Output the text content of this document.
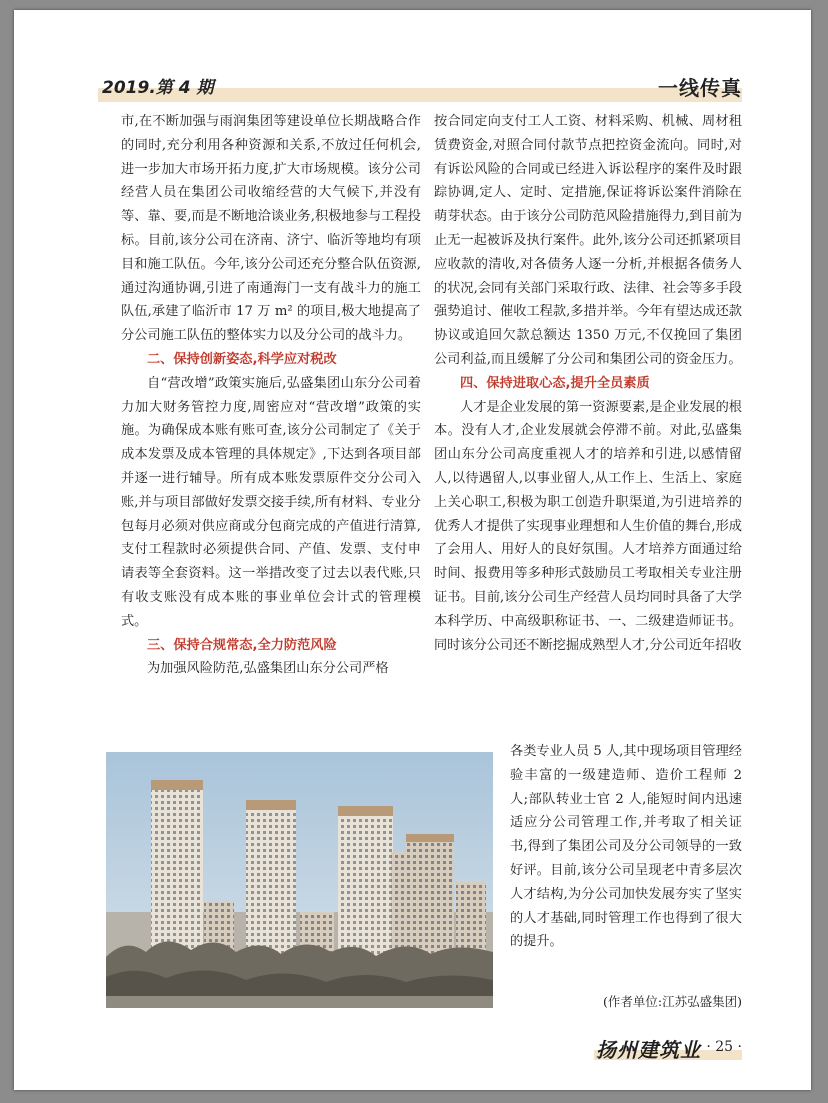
2019.第 4 期	一线传真

市,在不断加强与雨润集团等建设单位长期战略合作的同时,充分利用各种资源和关系,不放过任何机会,进一步加大市场开拓力度,扩大市场规模。该分公司经营人员在集团公司收缩经营的大气候下,并没有等、靠、要,而是不断地洽谈业务,积极地参与工程投标。目前,该分公司在济南、济宁、临沂等地均有项目和施工队伍。今年,该分公司还充分整合队伍资源,通过沟通协调,引进了南通海门一支有战斗力的施工队伍,承建了临沂市 17 万 m² 的项目,极大地提高了分公司施工队伍的整体实力以及分公司的战斗力。

二、保持创新姿态,科学应对税改

自“营改增”政策实施后,弘盛集团山东分公司着力加大财务管控力度,周密应对“营改增”政策的实施。为确保成本账有账可查,该分公司制定了《关于成本发票及成本管理的具体规定》,下达到各项目部并逐一进行辅导。所有成本账发票原件交分公司入账,并与项目部做好发票交接手续,所有材料、专业分包每月必须对供应商或分包商完成的产值进行清算,支付工程款时必须提供合同、产值、发票、支付申请表等全套资料。这一举措改变了过去以表代账,只有收支账没有成本账的事业单位会计式的管理模式。

三、保持合规常态,全力防范风险

为加强风险防范,弘盛集团山东分公司严格

按合同定向支付工人工资、材料采购、机械、周材租赁费资金,对照合同付款节点把控资金流向。同时,对有诉讼风险的合同或已经进入诉讼程序的案件及时跟踪协调,定人、定时、定措施,保证将诉讼案件消除在萌芽状态。由于该分公司防范风险措施得力,到目前为止无一起被诉及执行案件。此外,该分公司还抓紧项目应收款的清收,对各债务人逐一分析,并根据各债务人的状况,会同有关部门采取行政、法律、社会等多手段强势追讨、催收工程款,多措并举。今年有望达成还款协议或追回欠款总额达 1350 万元,不仅挽回了集团公司利益,而且缓解了分公司和集团公司的资金压力。

四、保持进取心态,提升全员素质

人才是企业发展的第一资源要素,是企业发展的根本。没有人才,企业发展就会停滞不前。对此,弘盛集团山东分公司高度重视人才的培养和引进,以感情留人,以待遇留人,以事业留人,从工作上、生活上、家庭上关心职工,积极为职工创造升职渠道,为引进培养的优秀人才提供了实现事业理想和人生价值的舞台,形成了会用人、用好人的良好氛围。人才培养方面通过给时间、报费用等多种形式鼓励员工考取相关专业注册证书。目前,该分公司生产经营人员均同时具备了大学本科学历、中高级职称证书、一、二级建造师证书。同时该分公司还不断挖掘成熟型人才,分公司近年招收

各类专业人员 5 人,其中现场项目管理经验丰富的一级建造师、造价工程师 2 人;部队转业士官 2 人,能短时间内迅速适应分公司管理工作,并考取了相关证书,得到了集团公司及分公司领导的一致好评。目前,该分公司呈现老中青多层次人才结构,为分公司加快发展夯实了坚实的人才基础,同时管理工作也得到了很大的提升。

(作者单位:江苏弘盛集团)
扬州建筑业 · 25 ·
